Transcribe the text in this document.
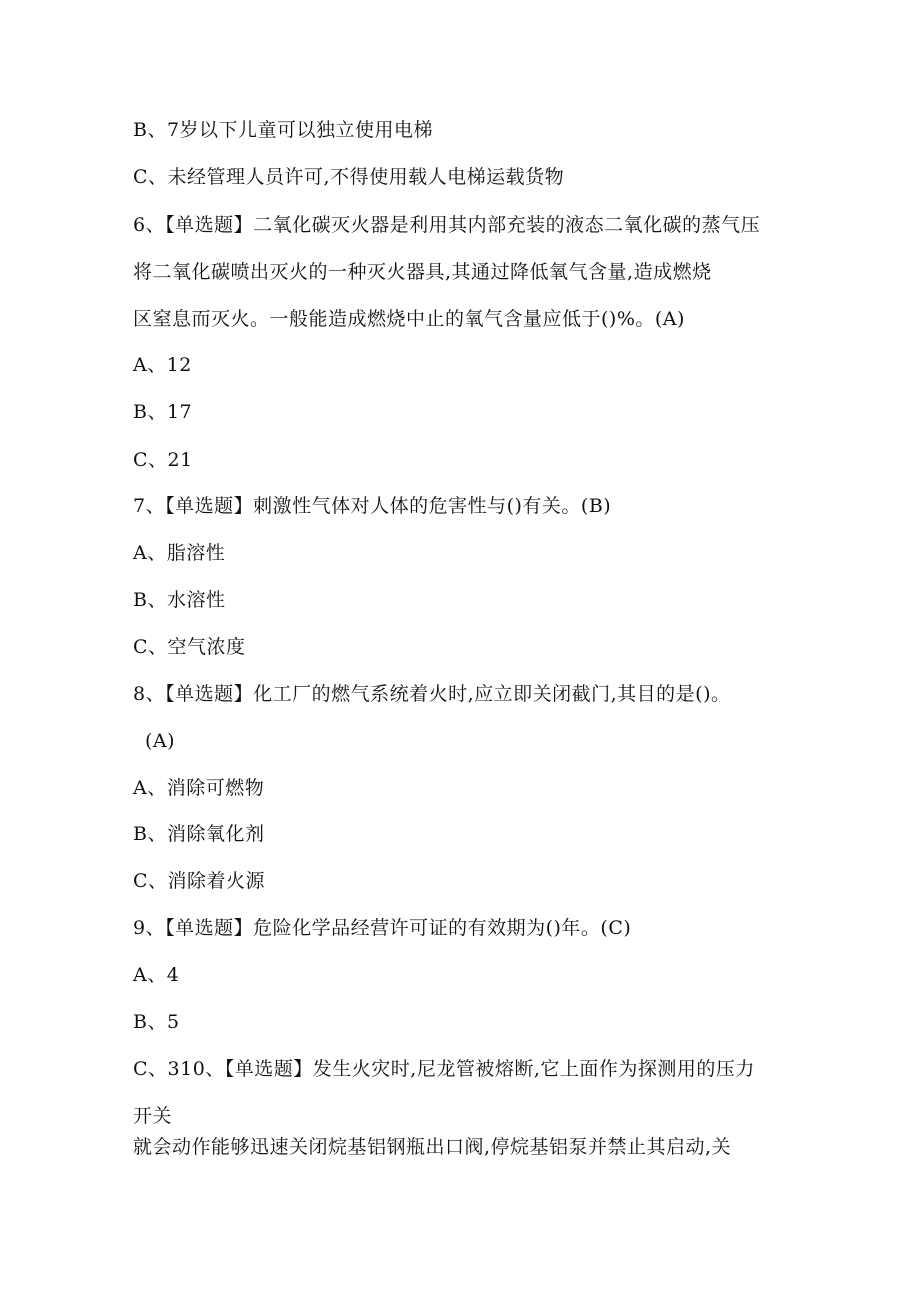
B、7岁以下儿童可以独立使用电梯
C、未经管理人员许可,不得使用载人电梯运载货物
6、【单选题】二氧化碳灭火器是利用其内部充装的液态二氧化碳的蒸气压
将二氧化碳喷出灭火的一种灭火器具,其通过降低氧气含量,造成燃烧
区窒息而灭火。一般能造成燃烧中止的氧气含量应低于()%。(A)
A、12
B、17
C、21
7、【单选题】刺激性气体对人体的危害性与()有关。(B)
A、脂溶性
B、水溶性
C、空气浓度
8、【单选题】化工厂的燃气系统着火时,应立即关闭截门,其目的是()。
(A)
A、消除可燃物
B、消除氧化剂
C、消除着火源
9、【单选题】危险化学品经营许可证的有效期为()年。(C)
A、4
B、5
C、310、【单选题】发生火灾时,尼龙管被熔断,它上面作为探测用的压力
开关
就会动作能够迅速关闭烷基铝钢瓶出口阀,停烷基铝泵并禁止其启动,关
